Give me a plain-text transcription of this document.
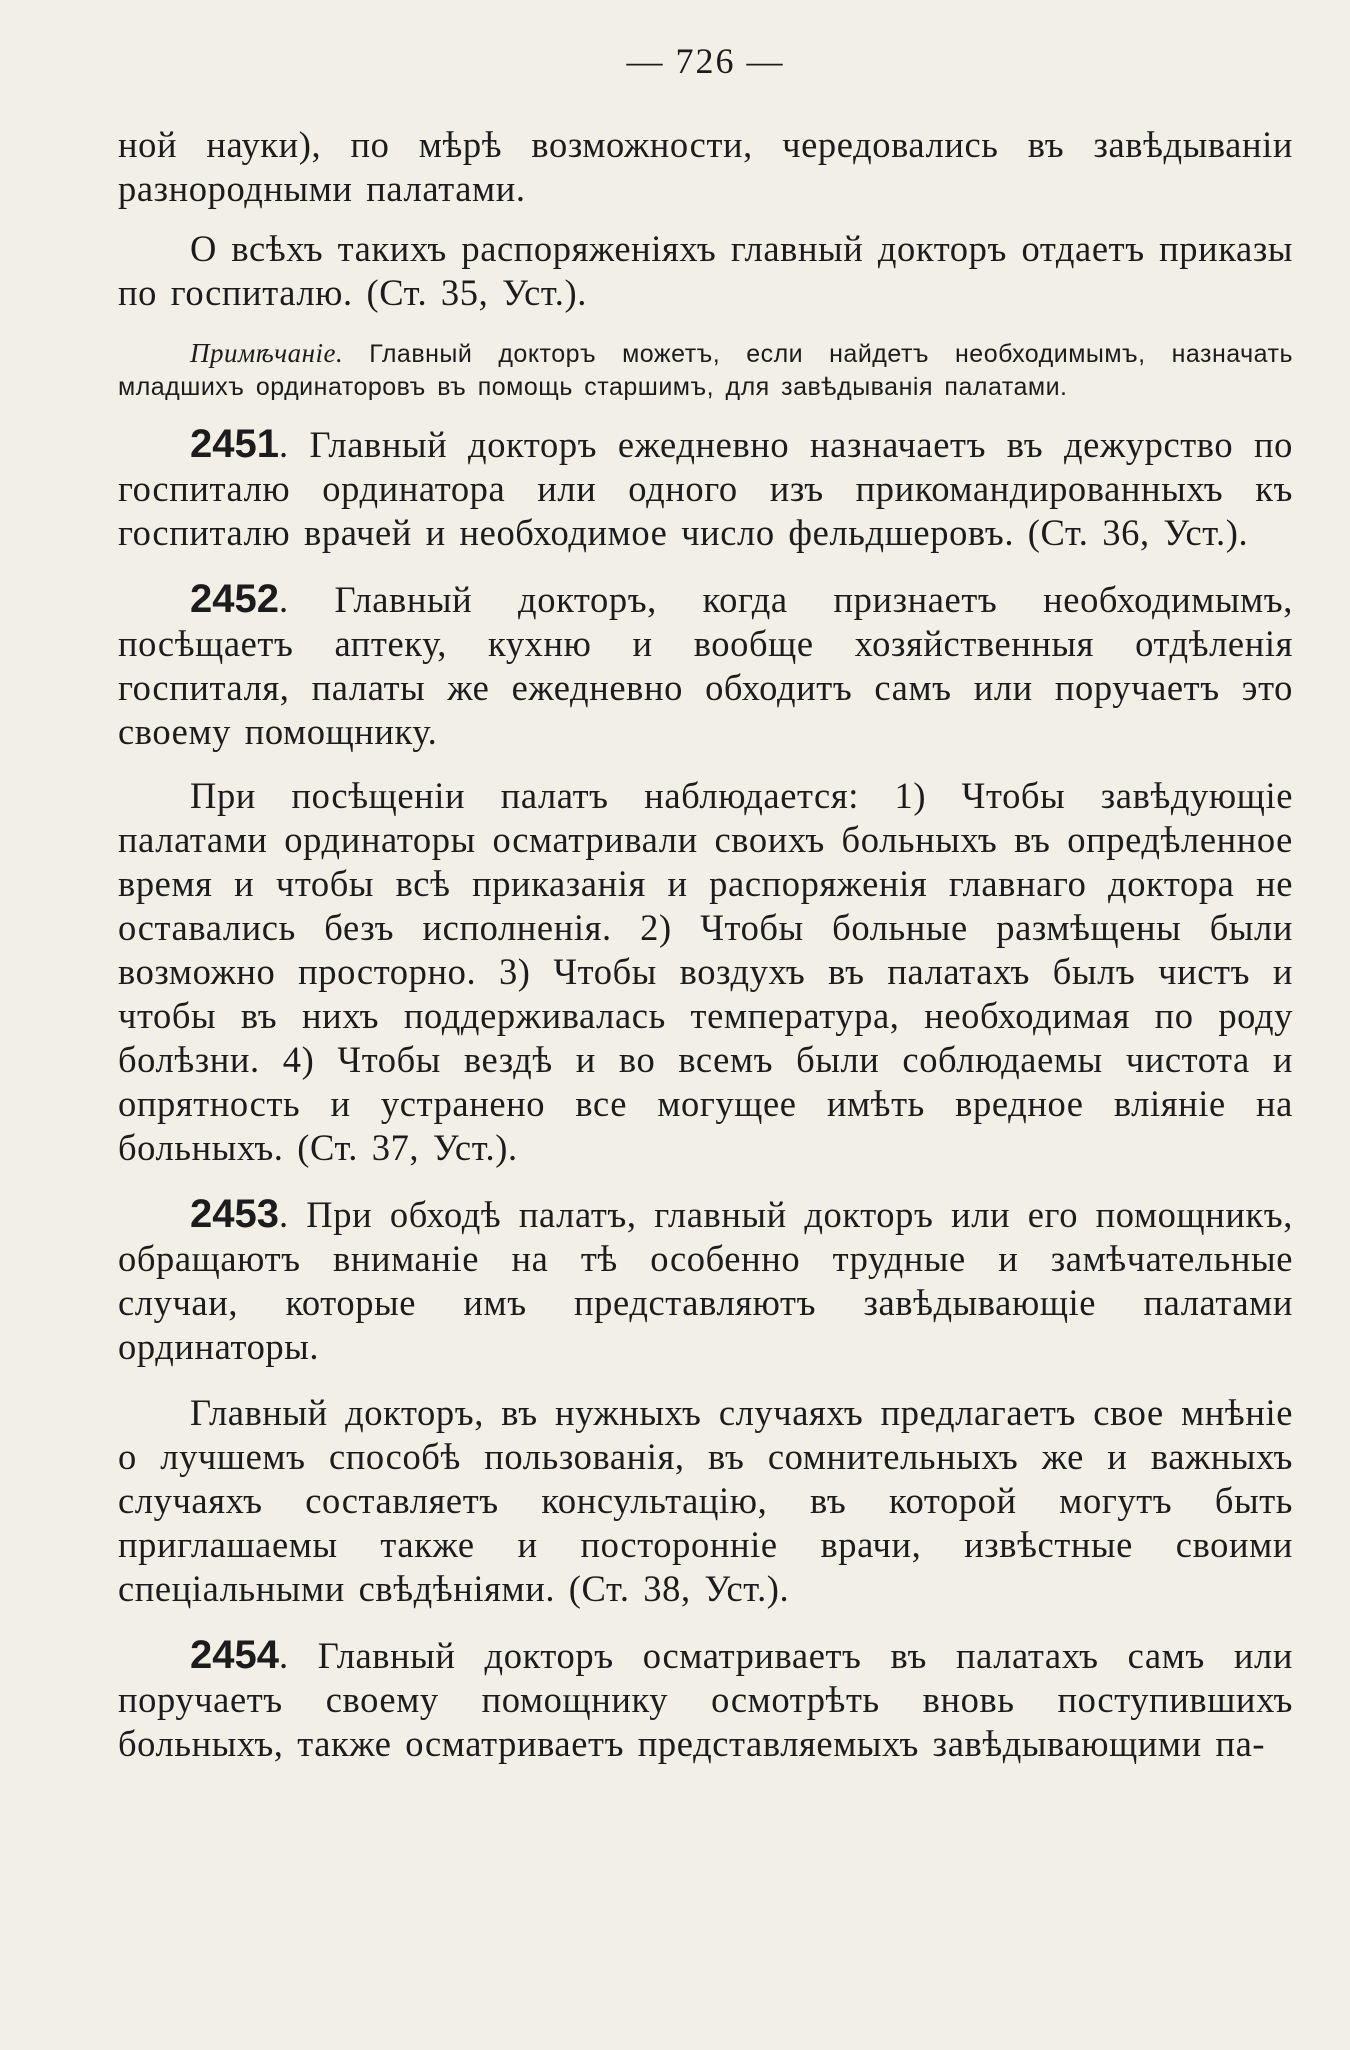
— 726 —

ной науки), по мѣрѣ возможности, чередовались въ завѣдываніи разнородными палатами.

О всѣхъ такихъ распоряженіяхъ главный докторъ отдаетъ приказы по госпиталю. (Ст. 35, Уст.).

Примѣчаніе. Главный докторъ можетъ, если найдетъ необходимымъ, назначать младшихъ ординаторовъ въ помощь старшимъ, для завѣдыванія палатами.

2451. Главный докторъ ежедневно назначаетъ въ дежурство по госпиталю ординатора или одного изъ прикомандированныхъ къ госпиталю врачей и необходимое число фельдшеровъ. (Ст. 36, Уст.).

2452. Главный докторъ, когда признаетъ необходимымъ, посѣщаетъ аптеку, кухню и вообще хозяйственныя отдѣленія госпиталя, палаты же ежедневно обходитъ самъ или поручаетъ это своему помощнику.

При посѣщеніи палатъ наблюдается: 1) Чтобы завѣдующіе палатами ординаторы осматривали своихъ больныхъ въ опредѣленное время и чтобы всѣ приказанія и распоряженія главнаго доктора не оставались безъ исполненія. 2) Чтобы больные размѣщены были возможно просторно. 3) Чтобы воздухъ въ палатахъ былъ чистъ и чтобы въ нихъ поддерживалась температура, необходимая по роду болѣзни. 4) Чтобы вездѣ и во всемъ были соблюдаемы чистота и опрятность и устранено все могущее имѣть вредное вліяніе на больныхъ. (Ст. 37, Уст.).

2453. При обходѣ палатъ, главный докторъ или его помощникъ, обращаютъ вниманіе на тѣ особенно трудные и замѣчательные случаи, которые имъ представляютъ завѣдывающіе палатами ординаторы.

Главный докторъ, въ нужныхъ случаяхъ предлагаетъ свое мнѣніе о лучшемъ способѣ пользованія, въ сомнительныхъ же и важныхъ случаяхъ составляетъ консультацію, въ которой могутъ быть приглашаемы также и посторонніе врачи, извѣстные своими спеціальными свѣдѣніями. (Ст. 38, Уст.).

2454. Главный докторъ осматриваетъ въ палатахъ самъ или поручаетъ своему помощнику осмотрѣть вновь поступившихъ больныхъ, также осматриваетъ представляемыхъ завѣдывающими па-
